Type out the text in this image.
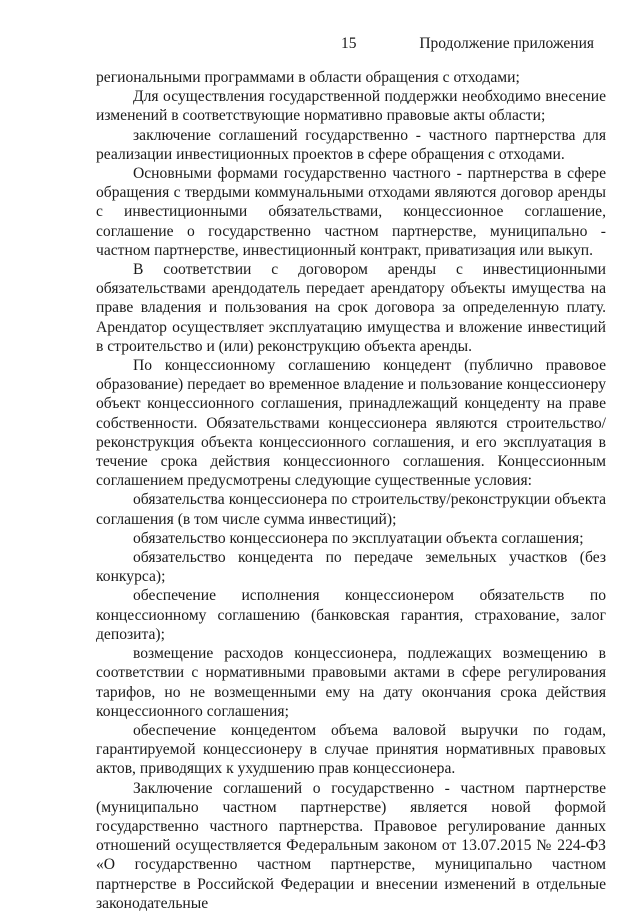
15	Продолжение приложения

региональными программами в области обращения с отходами;

Для осуществления государственной поддержки необходимо внесение изменений в соответствующие нормативно правовые акты области;

заключение соглашений государственно - частного партнерства для реализации инвестиционных проектов в сфере обращения с отходами.

Основными формами государственно частного - партнерства в сфере обращения с твердыми коммунальными отходами являются договор аренды с инвестиционными обязательствами, концессионное соглашение, соглашение о государственно частном партнерстве, муниципально - частном партнерстве, инвестиционный контракт, приватизация или выкуп.

В соответствии с договором аренды с инвестиционными обязательствами арендодатель передает арендатору объекты имущества на праве владения и пользования на срок договора за определенную плату. Арендатор осуществляет эксплуатацию имущества и вложение инвестиций в строительство и (или) реконструкцию объекта аренды.

По концессионному соглашению концедент (публично правовое образование) передает во временное владение и пользование концессионеру объект концессионного соглашения, принадлежащий концеденту на праве собственности. Обязательствами концессионера являются строительство/реконструкция объекта концессионного соглашения, и его эксплуатация в течение срока действия концессионного соглашения. Концессионным соглашением предусмотрены следующие существенные условия:

обязательства концессионера по строительству/реконструкции объекта соглашения (в том числе сумма инвестиций);

обязательство концессионера по эксплуатации объекта соглашения;

обязательство концедента по передаче земельных участков (без конкурса);

обеспечение исполнения концессионером обязательств по концессионному соглашению (банковская гарантия, страхование, залог депозита);

возмещение расходов концессионера, подлежащих возмещению в соответствии с нормативными правовыми актами в сфере регулирования тарифов, но не возмещенными ему на дату окончания срока действия концессионного соглашения;

обеспечение концедентом объема валовой выручки по годам, гарантируемой концессионеру в случае принятия нормативных правовых актов, приводящих к ухудшению прав концессионера.

Заключение соглашений о государственно - частном партнерстве (муниципально частном партнерстве) является новой формой государственно частного партнерства. Правовое регулирование данных отношений осуществляется Федеральным законом от 13.07.2015 № 224-ФЗ «О государственно частном партнерстве, муниципально частном партнерстве в Российской Федерации и внесении изменений в отдельные законодательные
